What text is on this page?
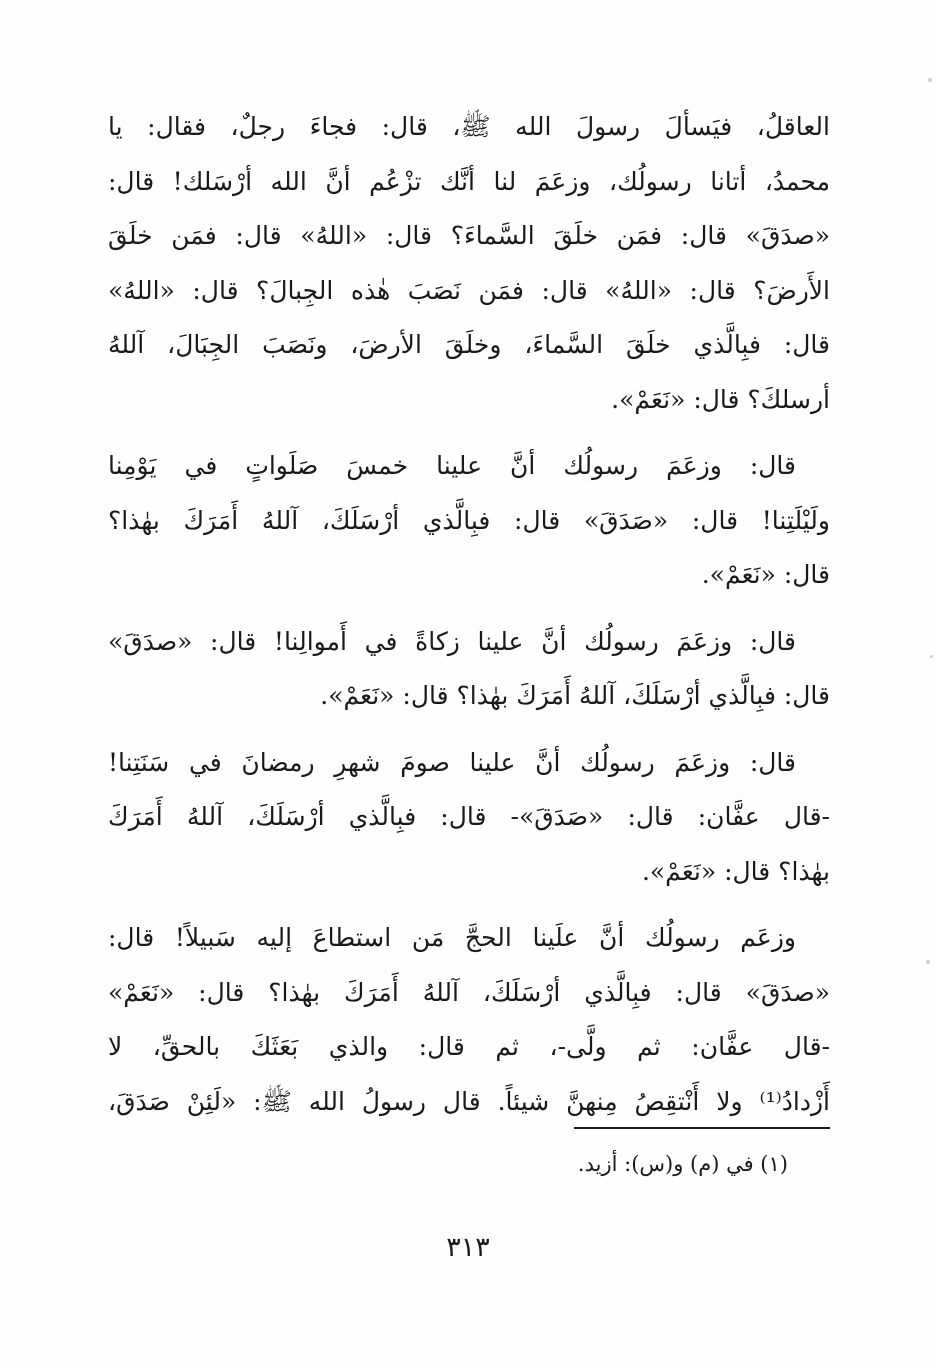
العاقلُ، فيَسألَ رسولَ الله ﷺ، قال: فجاءَ رجلٌ، فقال: يا
محمدُ، أتانا رسولُك، وزعَمَ لنا أنَّك تزْعُم أنَّ الله أرْسَلك! قال:
«صدَقَ» قال: فمَن خلَقَ السَّماءَ؟ قال: «اللهُ» قال: فمَن خلَقَ
الأَرضَ؟ قال: «اللهُ» قال: فمَن نَصَبَ هٰذه الجِبالَ؟ قال: «اللهُ»
قال: فبِالَّذي خلَقَ السَّماءَ، وخلَقَ الأرضَ، ونَصَبَ الجِبَالَ، آللهُ
أرسلكَ؟ قال: «نَعَمْ».

قال: وزعَمَ رسولُك أنَّ علينا خمسَ صَلَواتٍ في يَوْمِنا
ولَيْلَتِنا! قال: «صَدَقَ» قال: فبِالَّذي أرْسَلَكَ، آللهُ أَمَرَكَ بهٰذا؟
قال: «نَعَمْ».

قال: وزعَمَ رسولُك أنَّ علينا زكاةً في أَموالِنا! قال: «صدَقَ»
قال: فبِالَّذي أرْسَلَكَ، آللهُ أَمَرَكَ بهٰذا؟ قال: «نَعَمْ».

قال: وزعَمَ رسولُك أنَّ علينا صومَ شهرِ رمضانَ في سَنَتِنا!
-قال عفَّان: قال: «صَدَقَ»- قال: فبِالَّذي أرْسَلَكَ، آللهُ أَمَرَكَ
بهٰذا؟ قال: «نَعَمْ».

وزعَم رسولُك أنَّ علَينا الحجَّ مَن استطاعَ إليه سَبيلاً! قال:
«صدَقَ» قال: فبِالَّذي أرْسَلَكَ، آللهُ أَمَرَكَ بهٰذا؟ قال: «نَعَمْ»
-قال عفَّان: ثم ولَّى-، ثم قال: والذي بَعَثَكَ بالحقِّ، لا
أَزْدادُ⁽¹⁾ ولا أَنْتقِصُ مِنهنَّ شيئاً. قال رسولُ الله ﷺ: «لَئِنْ صَدَقَ،

(١) في (م) و(س): أزيد.
٣١٣
